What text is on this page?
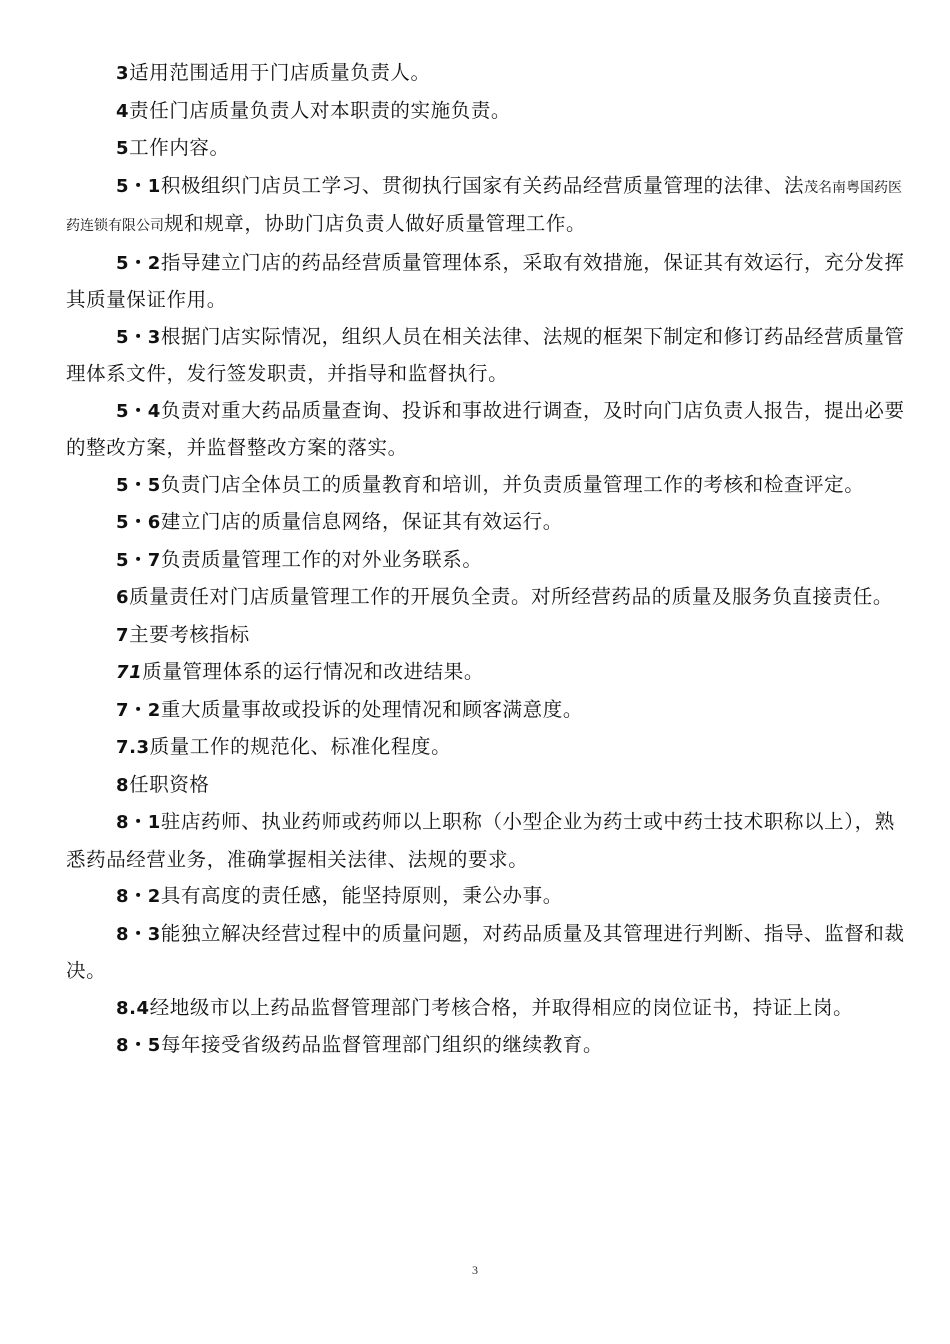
3适用范围适用于门店质量负责人。

4责任门店质量负责人对本职责的实施负责。

5工作内容。

5・1积极组织门店员工学习、贯彻执行国家有关药品经营质量管理的法律、法茂名南粤国药医药连锁有限公司规和规章，协助门店负责人做好质量管理工作。

5・2指导建立门店的药品经营质量管理体系，采取有效措施，保证其有效运行，充分发挥其质量保证作用。

5・3根据门店实际情况，组织人员在相关法律、法规的框架下制定和修订药品经营质量管理体系文件，发行签发职责，并指导和监督执行。

5・4负责对重大药品质量查询、投诉和事故进行调查，及时向门店负责人报告，提出必要的整改方案，并监督整改方案的落实。

5・5负责门店全体员工的质量教育和培训，并负责质量管理工作的考核和检查评定。

5・6建立门店的质量信息网络，保证其有效运行。

5・7负责质量管理工作的对外业务联系。

6质量责任对门店质量管理工作的开展负全责。对所经营药品的质量及服务负直接责任。

7主要考核指标

71质量管理体系的运行情况和改进结果。

7・2重大质量事故或投诉的处理情况和顾客满意度。

7.3质量工作的规范化、标准化程度。

8任职资格

8・1驻店药师、执业药师或药师以上职称（小型企业为药士或中药士技术职称以上），熟悉药品经营业务，准确掌握相关法律、法规的要求。

8・2具有高度的责任感，能坚持原则，秉公办事。

8・3能独立解决经营过程中的质量问题，对药品质量及其管理进行判断、指导、监督和裁决。

8.4经地级市以上药品监督管理部门考核合格，并取得相应的岗位证书，持证上岗。

8・5每年接受省级药品监督管理部门组织的继续教育。

3
